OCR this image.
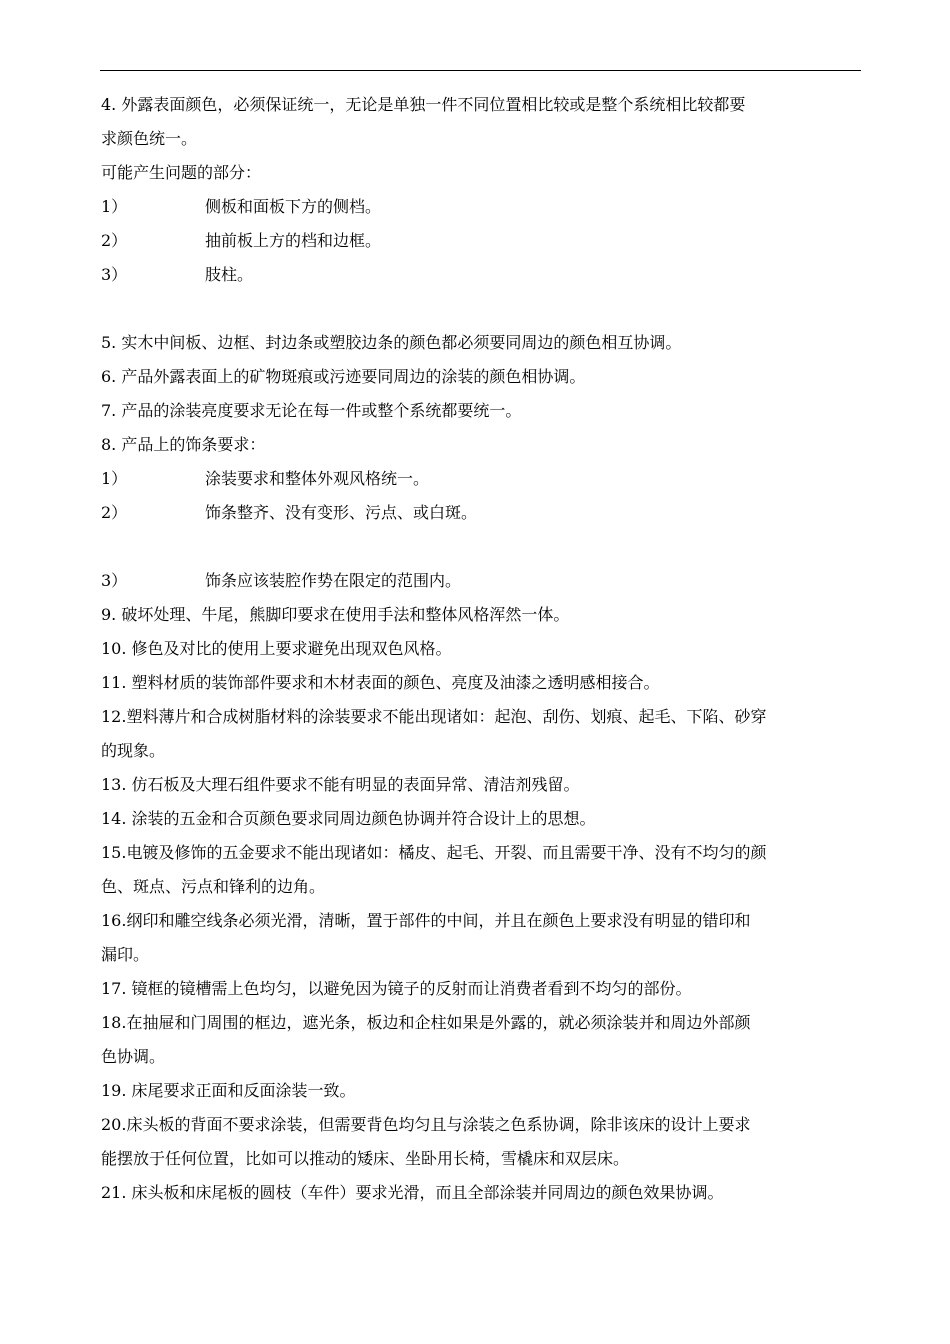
4. 外露表面颜色，必须保证统一，无论是单独一件不同位置相比较或是整个系统相比较都要
求颜色统一。
可能产生问题的部分：
1）	侧板和面板下方的侧档。
2）	抽前板上方的档和边框。
3）	肢柱。
5. 实木中间板、边框、封边条或塑胶边条的颜色都必须要同周边的颜色相互协调。
6. 产品外露表面上的矿物斑痕或污迹要同周边的涂装的颜色相协调。
7. 产品的涂装亮度要求无论在每一件或整个系统都要统一。
8. 产品上的饰条要求：
1）	涂装要求和整体外观风格统一。
2）	饰条整齐、没有变形、污点、或白斑。
3）	饰条应该装腔作势在限定的范围内。
9. 破坏处理、牛尾，熊脚印要求在使用手法和整体风格浑然一体。
10. 修色及对比的使用上要求避免出现双色风格。
11. 塑料材质的装饰部件要求和木材表面的颜色、亮度及油漆之透明感相接合。
12.塑料薄片和合成树脂材料的涂装要求不能出现诸如：起泡、刮伤、划痕、起毛、下陷、砂穿
的现象。
13. 仿石板及大理石组件要求不能有明显的表面异常、清洁剂残留。
14. 涂装的五金和合页颜色要求同周边颜色协调并符合设计上的思想。
15.电镀及修饰的五金要求不能出现诸如：橘皮、起毛、开裂、而且需要干净、没有不均匀的颜
色、斑点、污点和锋利的边角。
16.纲印和雕空线条必须光滑，清晰，置于部件的中间，并且在颜色上要求没有明显的错印和
漏印。
17. 镜框的镜槽需上色均匀，以避免因为镜子的反射而让消费者看到不均匀的部份。
18.在抽屉和门周围的框边，遮光条，板边和企柱如果是外露的，就必须涂装并和周边外部颜
色协调。
19. 床尾要求正面和反面涂装一致。
20.床头板的背面不要求涂装，但需要背色均匀且与涂装之色系协调，除非该床的设计上要求
能摆放于任何位置，比如可以推动的矮床、坐卧用长椅，雪橇床和双层床。
21. 床头板和床尾板的圆枝（车件）要求光滑，而且全部涂装并同周边的颜色效果协调。
